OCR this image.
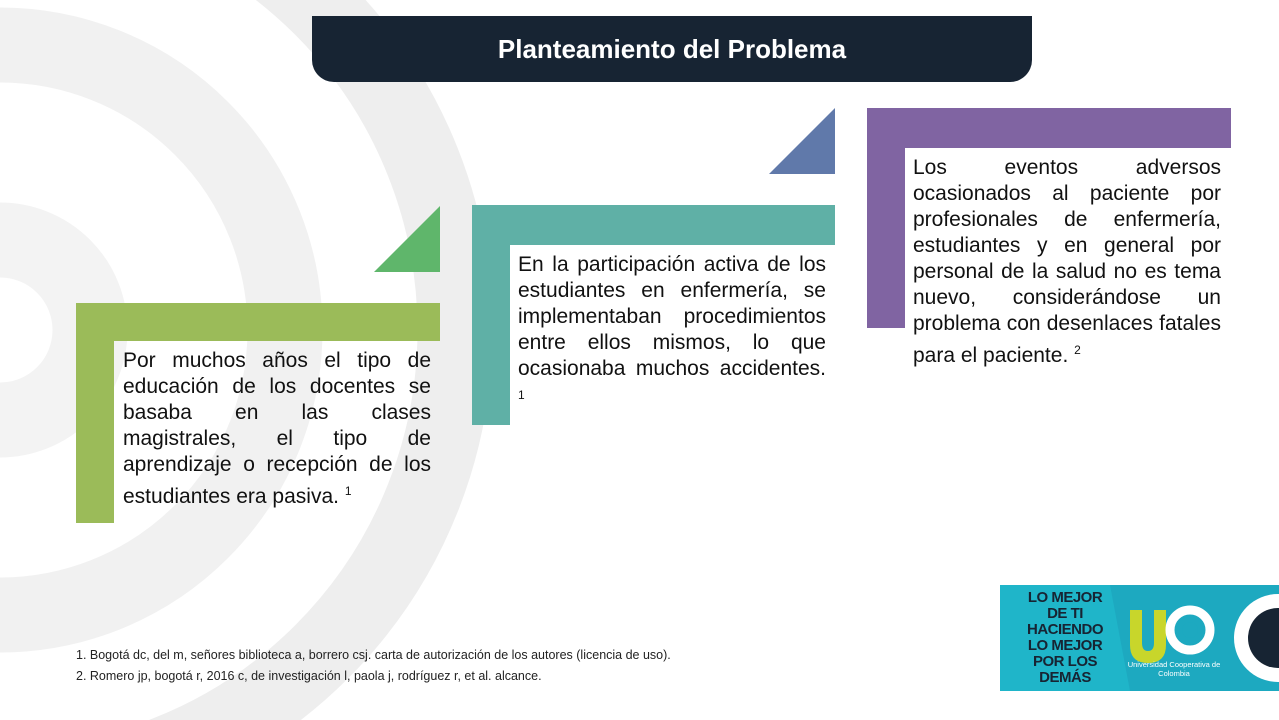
Planteamiento del Problema
Por muchos años el tipo de educación de los docentes se basaba en las clases magistrales, el tipo de aprendizaje o recepción de los estudiantes era pasiva. $^1$
En la participación activa de los estudiantes en enfermería, se implementaban procedimientos entre ellos mismos, lo que ocasionaba muchos accidentes. $^1$
Los eventos adversos ocasionados al paciente por profesionales de enfermería, estudiantes y en general por personal de la salud no es tema nuevo, considerándose un problema con desenlaces fatales para el paciente. $^2$
1. Bogotá dc, del m, señores biblioteca a, borrero csj. carta de autorización de los autores (licencia de uso).
2. Romero jp, bogotá r, 2016 c, de investigación l, paola j, rodríguez r, et al. alcance.
LO MEJOR DE TI HACIENDO LO MEJOR POR LOS DEMÁS
Universidad Cooperativa de Colombia
